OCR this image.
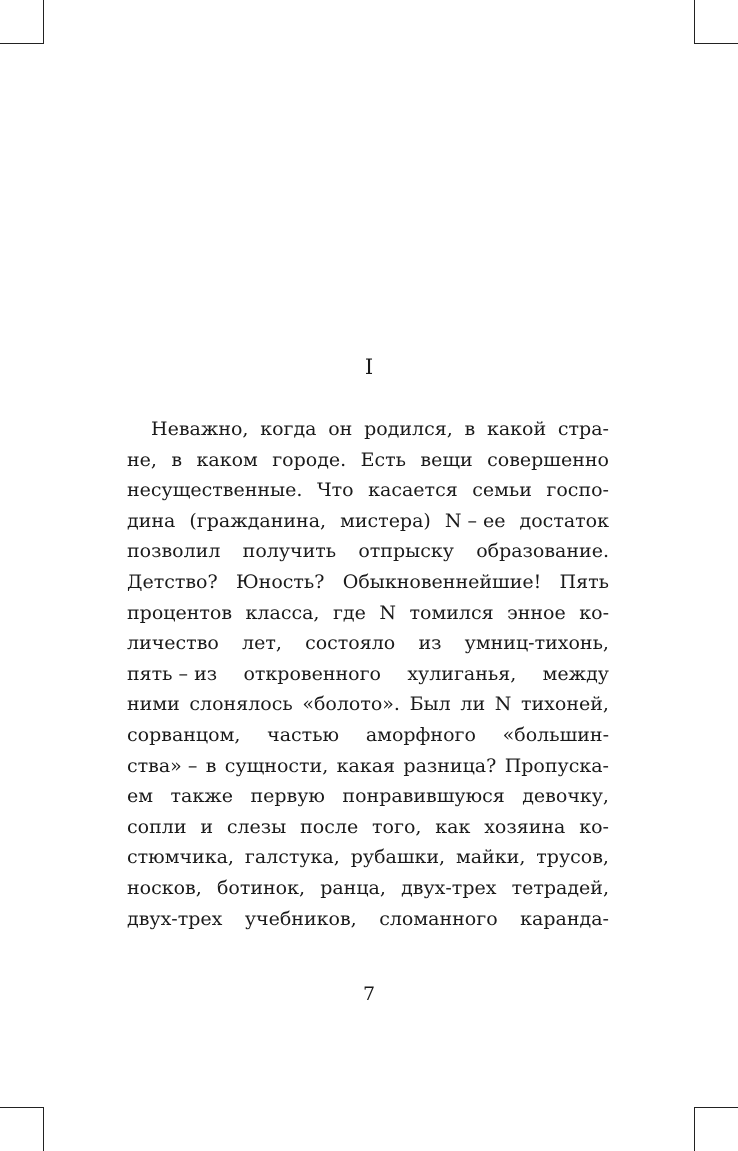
I
Неважно, когда он родился, в какой стра-
не, в каком городе. Есть вещи совершенно
несущественные. Что касается семьи госпо-
дина (гражданина, мистера) N – ее достаток
позволил получить отпрыску образование.
Детство? Юность? Обыкновеннейшие! Пять
процентов класса, где N томился энное ко-
личество лет, состояло из умниц-тихонь,
пять – из откровенного хулиганья, между
ними слонялось «болото». Был ли N тихоней,
сорванцом, частью аморфного «большин-
ства» – в сущности, какая разница? Пропуска-
ем также первую понравившуюся девочку,
сопли и слезы после того, как хозяина ко-
стюмчика, галстука, рубашки, майки, трусов,
носков, ботинок, ранца, двух-трех тетрадей,
двух-трех учебников, сломанного каранда-
7
